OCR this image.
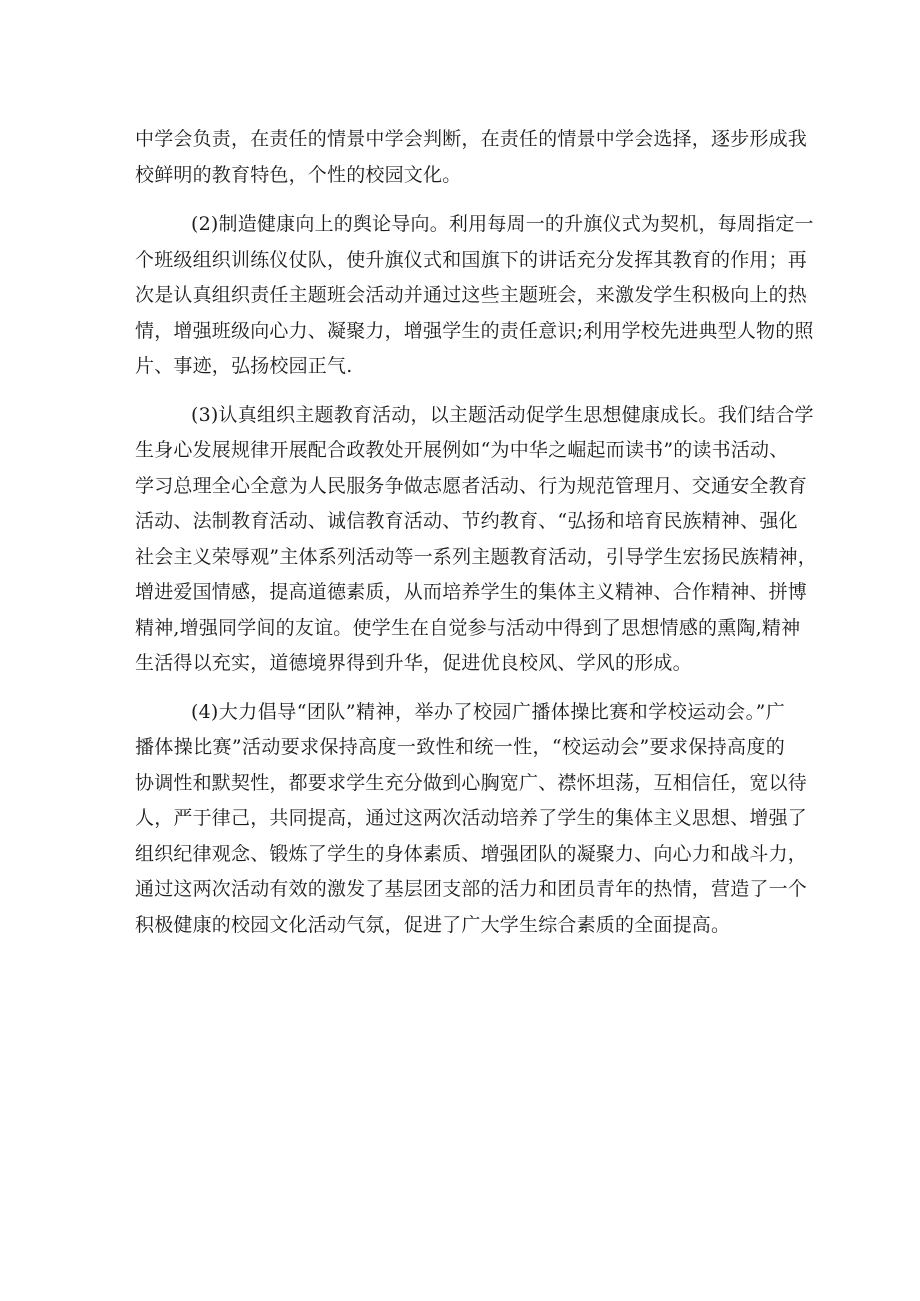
中学会负责，在责任的情景中学会判断，在责任的情景中学会选择，逐步形成我
校鲜明的教育特色，个性的校园文化。
(2)制造健康向上的舆论导向。利用每周一的升旗仪式为契机，每周指定一
个班级组织训练仪仗队，使升旗仪式和国旗下的讲话充分发挥其教育的作用；再
次是认真组织责任主题班会活动并通过这些主题班会，来激发学生积极向上的热
情，增强班级向心力、凝聚力，增强学生的责任意识;利用学校先进典型人物的照
片、事迹，弘扬校园正气.
(3)认真组织主题教育活动，以主题活动促学生思想健康成长。我们结合学
生身心发展规律开展配合政教处开展例如“为中华之崛起而读书”的读书活动、
学习总理全心全意为人民服务争做志愿者活动、行为规范管理月、交通安全教育
活动、法制教育活动、诚信教育活动、节约教育、“弘扬和培育民族精神、强化
社会主义荣辱观”主体系列活动等一系列主题教育活动，引导学生宏扬民族精神，
增进爱国情感，提高道德素质，从而培养学生的集体主义精神、合作精神、拼博
精神,增强同学间的友谊。使学生在自觉参与活动中得到了思想情感的熏陶,精神
生活得以充实，道德境界得到升华，促进优良校风、学风的形成。
(4)大力倡导“团队”精神，举办了校园广播体操比赛和学校运动会。”广
播体操比赛”活动要求保持高度一致性和统一性，“校运动会”要求保持高度的
协调性和默契性，都要求学生充分做到心胸宽广、襟怀坦荡，互相信任，宽以待
人，严于律己，共同提高，通过这两次活动培养了学生的集体主义思想、增强了
组织纪律观念、锻炼了学生的身体素质、增强团队的凝聚力、向心力和战斗力，
通过这两次活动有效的激发了基层团支部的活力和团员青年的热情，营造了一个
积极健康的校园文化活动气氛，促进了广大学生综合素质的全面提高。
